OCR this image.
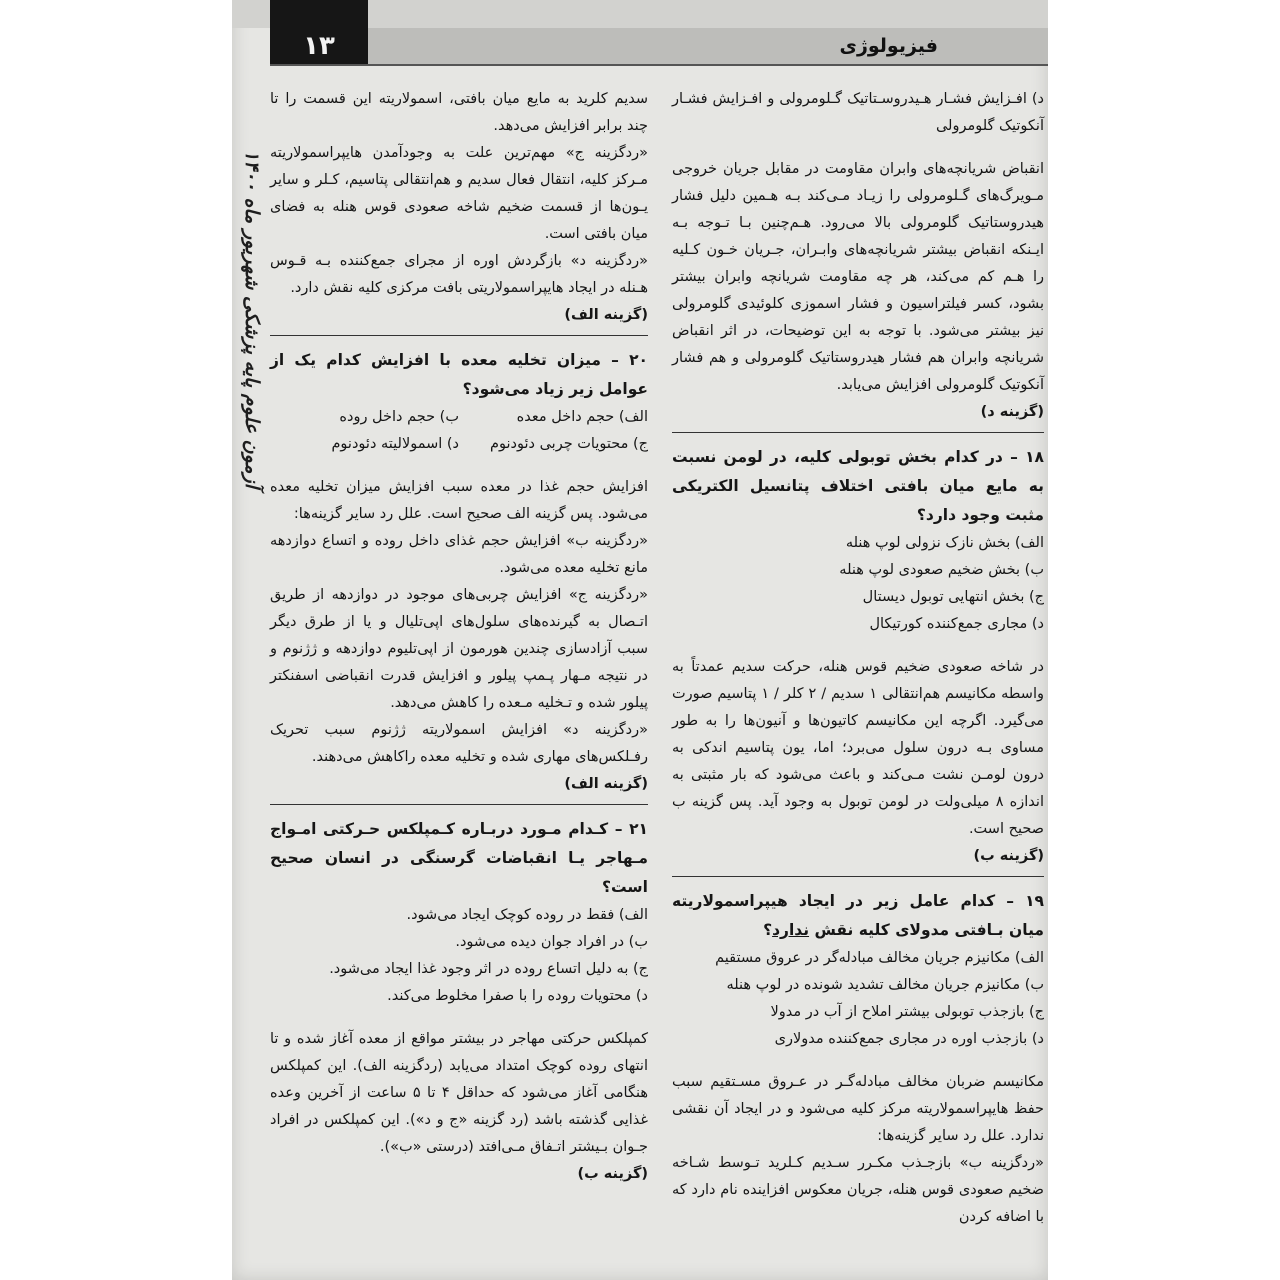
۱۳	فیزیولوژی
آزمون علوم پایه پزشکی شهریور ماه ۱۴۰۰

د) افـزایش فشـار هـیدروسـتاتیک گـلومرولی و افـزایش فشـار آنکوتیک گلومرولی

انقباض شریانچه‌های وابران مقاومت در مقابل جریان خروجی مـویرگ‌های گـلومرولی را زیـاد مـی‌کند بـه هـمین دلیل فشار هیدروستاتیک گلومرولی بالا می‌رود. هـم‌چنین بـا تـوجه بـه ایـنکه انقباض بیشتر شریانچه‌های وابـران، جـریان خـون کـلیه را هـم کم می‌کند، هر چه مقاومت شریانچه وابران بیشتر بشود، کسر فیلتراسیون و فشار اسموزی کلوئیدی گلومرولی نیز بیشتر می‌شود. با توجه به این توضیحات، در اثر انقباض شریانچه وابران هم فشار هیدروستاتیک گلومرولی و هم فشار آنکوتیک گلومرولی افزایش می‌یابد.

(گزینه د)

۱۸ – در کدام بخش توبولی کلیه، در لومن نسبت به مایع میان بافتی اختلاف پتانسیل الکتریکی مثبت وجود دارد؟

الف) بخش نازک نزولی لوپ هنله

ب) بخش ضخیم صعودی لوپ هنله

ج) بخش انتهایی توبول دیستال

د) مجاری جمع‌کننده کورتیکال

در شاخه صعودی ضخیم قوس هنله، حرکت سدیم عمدتاً به واسطه مکانیسم هم‌انتقالی ۱ سدیم / ۲ کلر / ۱ پتاسیم صورت می‌گیرد. اگرچه این مکانیسم کاتیون‌ها و آنیون‌ها را به طور مساوی بـه درون سلول می‌برد؛ اما، یون پتاسیم اندکی به درون لومـن نشت مـی‌کند و باعث می‌شود که بار مثبتی به اندازه ۸ میلی‌ولت در لومن توبول به وجود آید. پس گزینه ب صحیح است.

(گزینه ب)

۱۹ – کدام عامل زیر در ایجاد هیپراسمولاریته میان بـافتی مدولای کلیه نقش ندارد؟

الف) مکانیزم جریان مخالف مبادله‌گر در عروق مستقیم

ب) مکانیزم جریان مخالف تشدید شونده در لوپ هنله

ج) بازجذب توبولی بیشتر املاح از آب در مدولا

د) بازجذب اوره در مجاری جمع‌کننده مدولاری

مکانیسم ضربان مخالف مبادله‌گـر در عـروق مسـتقیم سبب حفظ هایپراسمولاریته مرکز کلیه می‌شود و در ایجاد آن نقشی ندارد. علل رد سایر گزینه‌ها:

«ردگزینه ب» بازجـذب مکـرر سـدیم کـلرید تـوسط شـاخه ضخیم صعودی قوس هنله، جریان معکوس افزاینده نام دارد که با اضافه کردن

سدیم کلرید به مایع میان بافتی، اسمولاریته این قسمت را تا چند برابر افزایش می‌دهد.

«ردگزینه ج» مهم‌ترین علت به وجودآمدن هایپراسمولاریته مـرکز کلیه، انتقال فعال سدیم و هم‌انتقالی پتاسیم، کـلر و سایر یـون‌ها از قسمت ضخیم شاخه صعودی قوس هنله به فضای میان بافتی است.

«ردگزینه د» بازگردش اوره از مجرای جمع‌کننده بـه قـوس هـنله در ایجاد هایپراسمولاریتی بافت مرکزی کلیه نقش دارد.

(گزینه الف)

۲۰ – میزان تخلیه معده با افزایش کدام یک از عوامل زیر زیاد می‌شود؟

الف) حجم داخل معده
ب) حجم داخل روده
ج) محتویات چربی دئودنوم
د) اسمولالیته دئودنوم

افزایش حجم غذا در معده سبب افزایش میزان تخلیه معده می‌شود. پس گزینه الف صحیح است. علل رد سایر گزینه‌ها:

«ردگزینه ب» افزایش حجم غذای داخل روده و اتساع دوازدهه مانع تخلیه معده می‌شود.

«ردگزینه ج» افزایش چربی‌های موجود در دوازدهه از طریق اتـصال به گیرنده‌های سلول‌های اپی‌تلیال و یا از طرق دیگر سبب آزادسازی چندین هورمون از اپی‌تلیوم دوازدهه و ژژنوم و در نتیجه مـهار پـمپ پیلور و افزایش قدرت انقباضی اسفنکتر پیلور شده و تـخلیه مـعده را کاهش می‌دهد.

«ردگزینه د» افزایش اسمولاریته ژژنوم سبب تحریک رفـلکس‌های مهاری شده و تخلیه معده راکاهش می‌دهند.

(گزینه الف)

۲۱ – کـدام مـورد دربـاره کـمپلکس حـرکتی امـواج مـهاجر یـا انقباضات گرسنگی در انسان صحیح است؟

الف) فقط در روده کوچک ایجاد می‌شود.

ب) در افراد جوان دیده می‌شود.

ج) به دلیل اتساع روده در اثر وجود غذا ایجاد می‌شود.

د) محتویات روده را با صفرا مخلوط می‌کند.

کمپلکس حرکتی مهاجر در بیشتر مواقع از معده آغاز شده و تا انتهای روده کوچک امتداد می‌یابد (ردگزینه الف). این کمپلکس هنگامی آغاز می‌شود که حداقل ۴ تا ۵ ساعت از آخرین وعده غذایی گذشته باشد (رد گزینه «ج و د»). این کمپلکس در افراد جـوان بـیشتر اتـفاق مـی‌افتد (درستی «ب»).

(گزینه ب)
